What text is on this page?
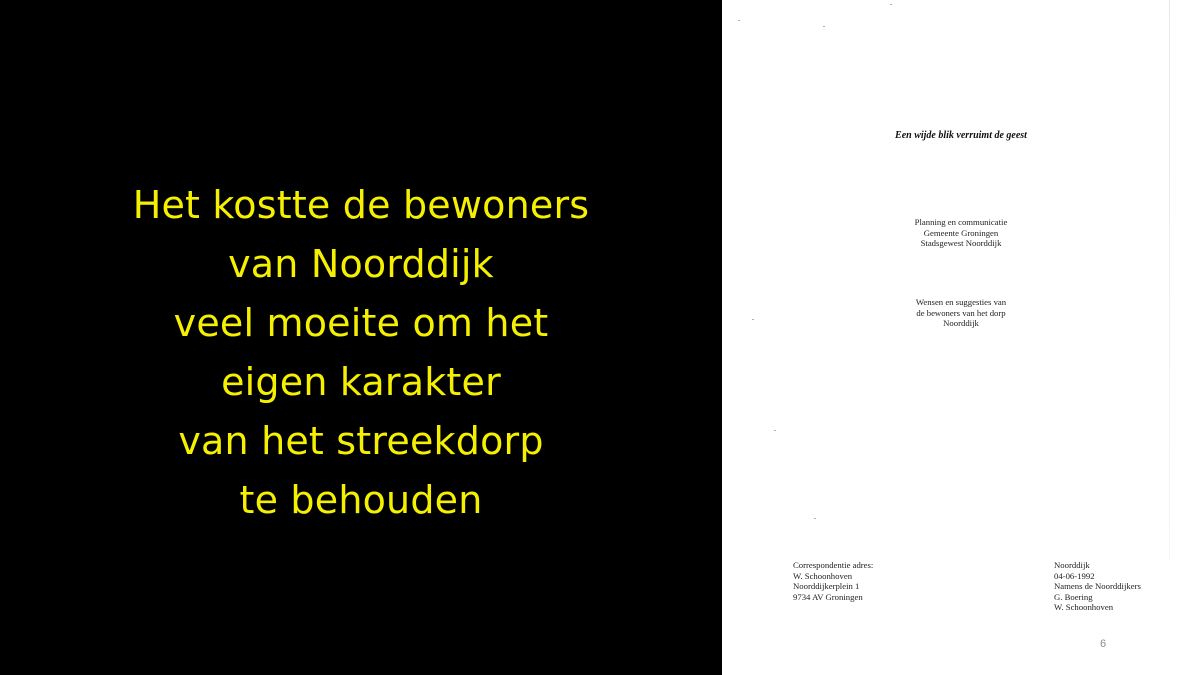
Het kostte de bewoners
van Noorddijk
veel moeite om het
eigen karakter
van het streekdorp
te behouden
Een wijde blik verruimt de geest
Planning en communicatie
Gemeente Groningen
Stadsgewest Noorddijk
Wensen en suggesties van
de bewoners van het dorp
Noorddijk
Correspondentie adres:
W. Schoonhoven
Noorddijkerplein 1
9734 AV Groningen
Noorddijk
04-06-1992
Namens de Noorddijkers
G. Boering
W. Schoonhoven
6
